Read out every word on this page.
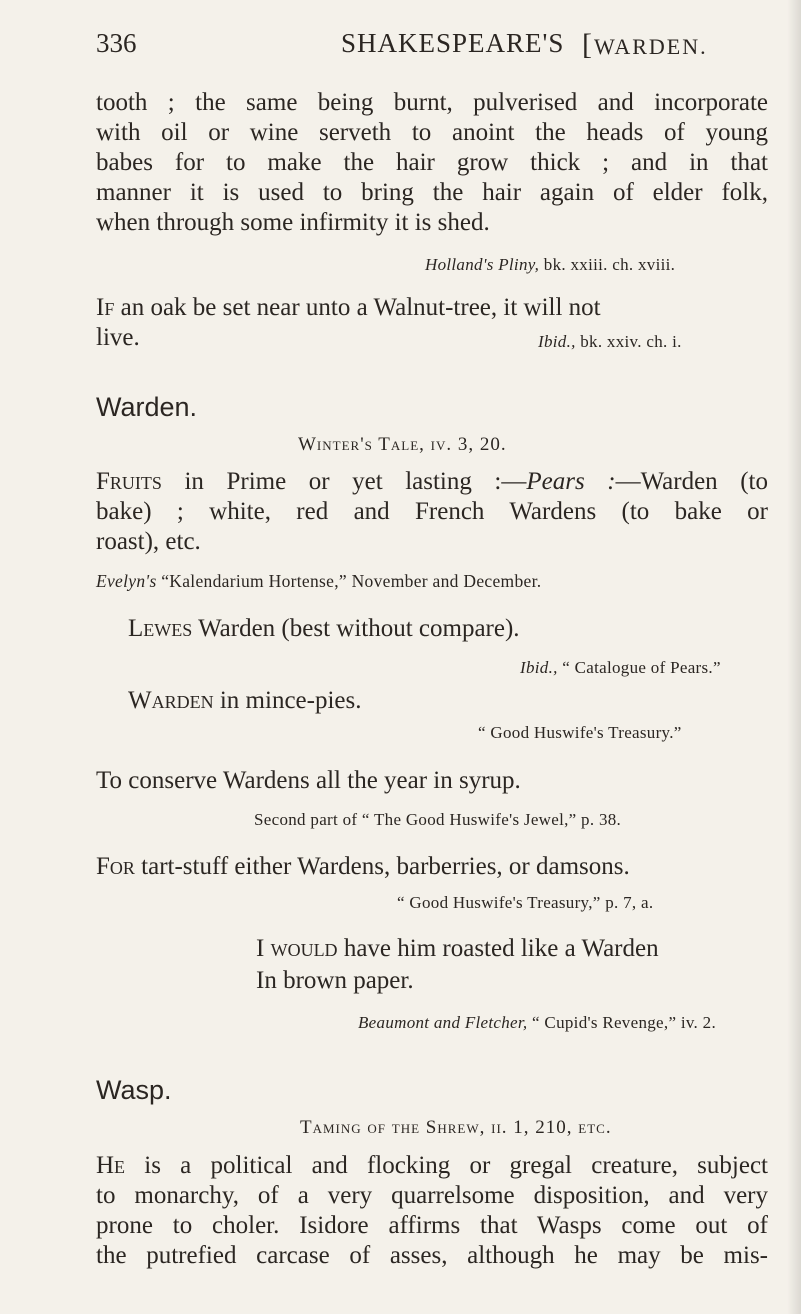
336	SHAKESPEARE'S [WARDEN.
tooth ; the same being burnt, pulverised and incorporate
with oil or wine serveth to anoint the heads of young
babes for to make the hair grow thick ; and in that
manner it is used to bring the hair again of elder folk,
when through some infirmity it is shed.
Holland's Pliny, bk. xxiii. ch. xviii.
If an oak be set near unto a Walnut-tree, it will not
live.	Ibid., bk. xxiv. ch. i.
Warden.
Winter's Tale, iv. 3, 20.
Fruits in Prime or yet lasting :—Pears :—Warden (to
bake) ; white, red and French Wardens (to bake or
roast), etc.
Evelyn's “Kalendarium Hortense,” November and December.
Lewes Warden (best without compare).
Ibid., “ Catalogue of Pears.”
Warden in mince-pies.
“ Good Huswife's Treasury.”
To conserve Wardens all the year in syrup.
Second part of “ The Good Huswife's Jewel,” p. 38.
For tart-stuff either Wardens, barberries, or damsons.
“ Good Huswife's Treasury,” p. 7, a.
I would have him roasted like a Warden
In brown paper.
Beaumont and Fletcher, “ Cupid's Revenge,” iv. 2.
Wasp.
Taming of the Shrew, ii. 1, 210, etc.
He is a political and flocking or gregal creature, subject
to monarchy, of a very quarrelsome disposition, and very
prone to choler. Isidore affirms that Wasps come out of
the putrefied carcase of asses, although he may be mis-
